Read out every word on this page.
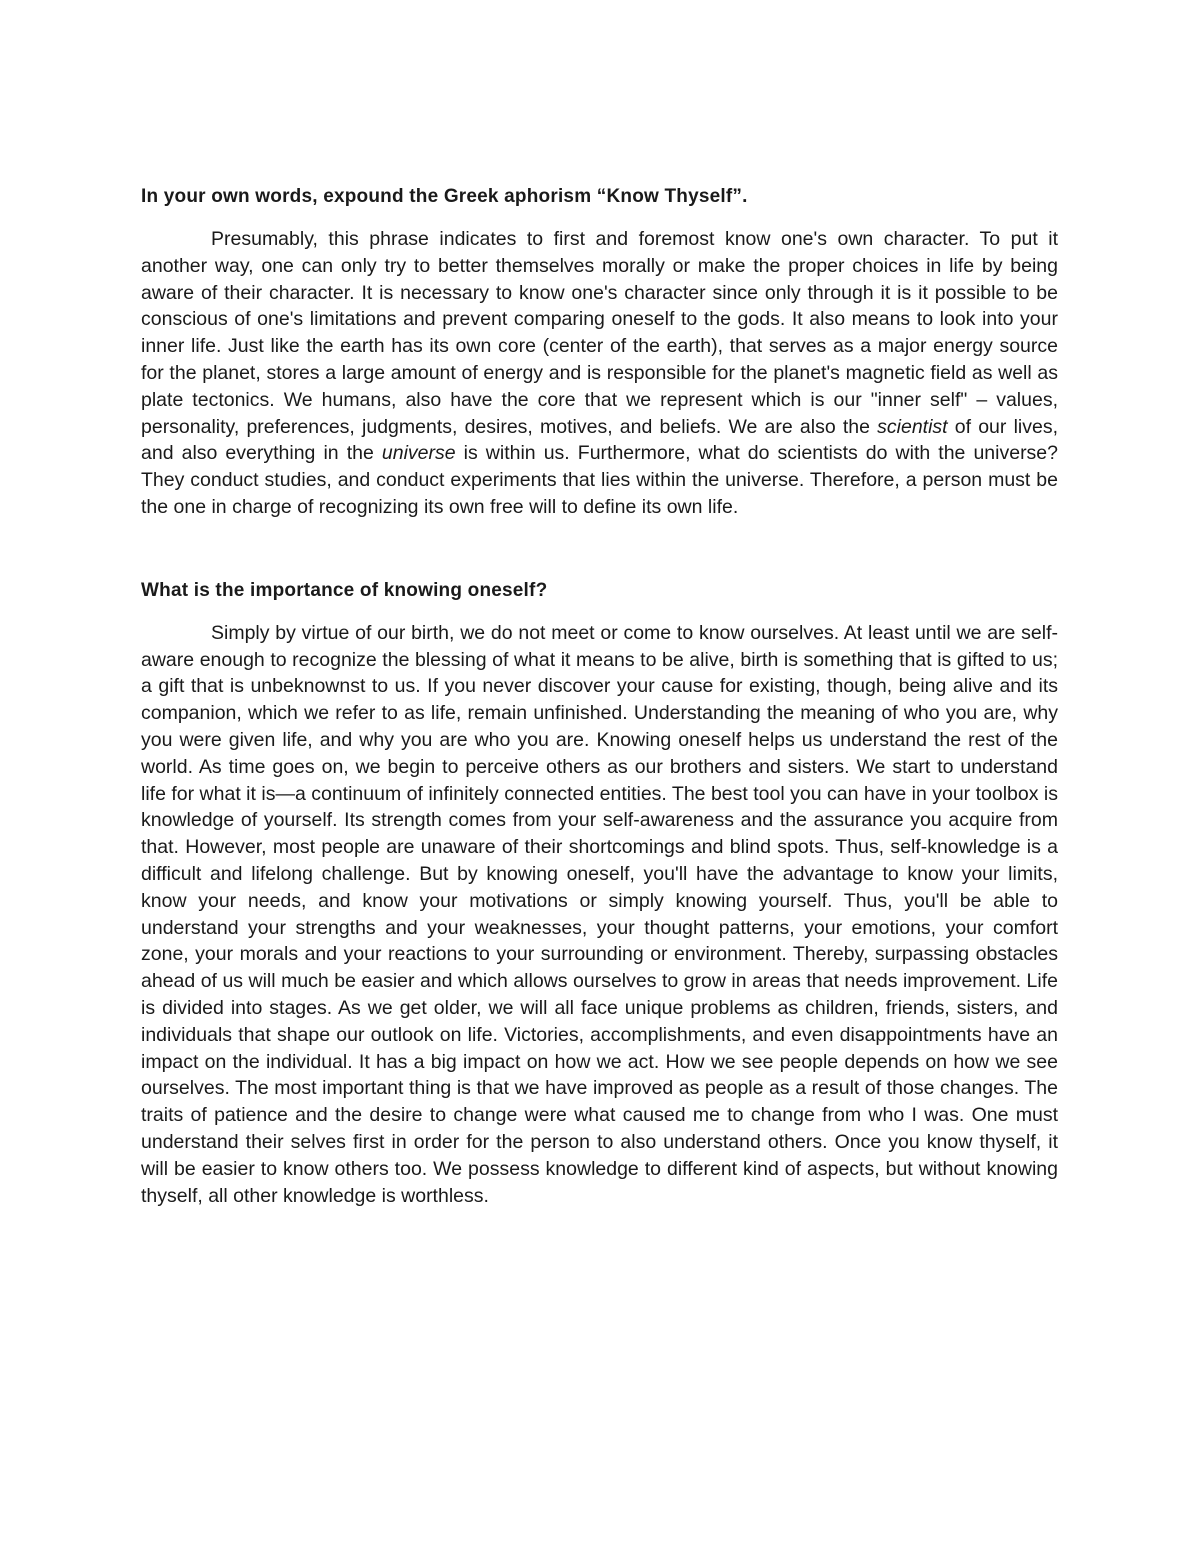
In your own words, expound the Greek aphorism “Know Thyself”.

Presumably, this phrase indicates to first and foremost know one's own character. To put it another way, one can only try to better themselves morally or make the proper choices in life by being aware of their character. It is necessary to know one's character since only through it is it possible to be conscious of one's limitations and prevent comparing oneself to the gods. It also means to look into your inner life. Just like the earth has its own core (center of the earth), that serves as a major energy source for the planet, stores a large amount of energy and is responsible for the planet's magnetic field as well as plate tectonics. We humans, also have the core that we represent which is our "inner self" – values, personality, preferences, judgments, desires, motives, and beliefs. We are also the scientist of our lives, and also everything in the universe is within us. Furthermore, what do scientists do with the universe? They conduct studies, and conduct experiments that lies within the universe. Therefore, a person must be the one in charge of recognizing its own free will to define its own life.

What is the importance of knowing oneself?

Simply by virtue of our birth, we do not meet or come to know ourselves. At least until we are self-aware enough to recognize the blessing of what it means to be alive, birth is something that is gifted to us; a gift that is unbeknownst to us. If you never discover your cause for existing, though, being alive and its companion, which we refer to as life, remain unfinished. Understanding the meaning of who you are, why you were given life, and why you are who you are. Knowing oneself helps us understand the rest of the world. As time goes on, we begin to perceive others as our brothers and sisters. We start to understand life for what it is—a continuum of infinitely connected entities. The best tool you can have in your toolbox is knowledge of yourself. Its strength comes from your self-awareness and the assurance you acquire from that. However, most people are unaware of their shortcomings and blind spots. Thus, self-knowledge is a difficult and lifelong challenge. But by knowing oneself, you'll have the advantage to know your limits, know your needs, and know your motivations or simply knowing yourself. Thus, you'll be able to understand your strengths and your weaknesses, your thought patterns, your emotions, your comfort zone, your morals and your reactions to your surrounding or environment. Thereby, surpassing obstacles ahead of us will much be easier and which allows ourselves to grow in areas that needs improvement. Life is divided into stages. As we get older, we will all face unique problems as children, friends, sisters, and individuals that shape our outlook on life. Victories, accomplishments, and even disappointments have an impact on the individual. It has a big impact on how we act. How we see people depends on how we see ourselves. The most important thing is that we have improved as people as a result of those changes. The traits of patience and the desire to change were what caused me to change from who I was. One must understand their selves first in order for the person to also understand others. Once you know thyself, it will be easier to know others too. We possess knowledge to different kind of aspects, but without knowing thyself, all other knowledge is worthless.
